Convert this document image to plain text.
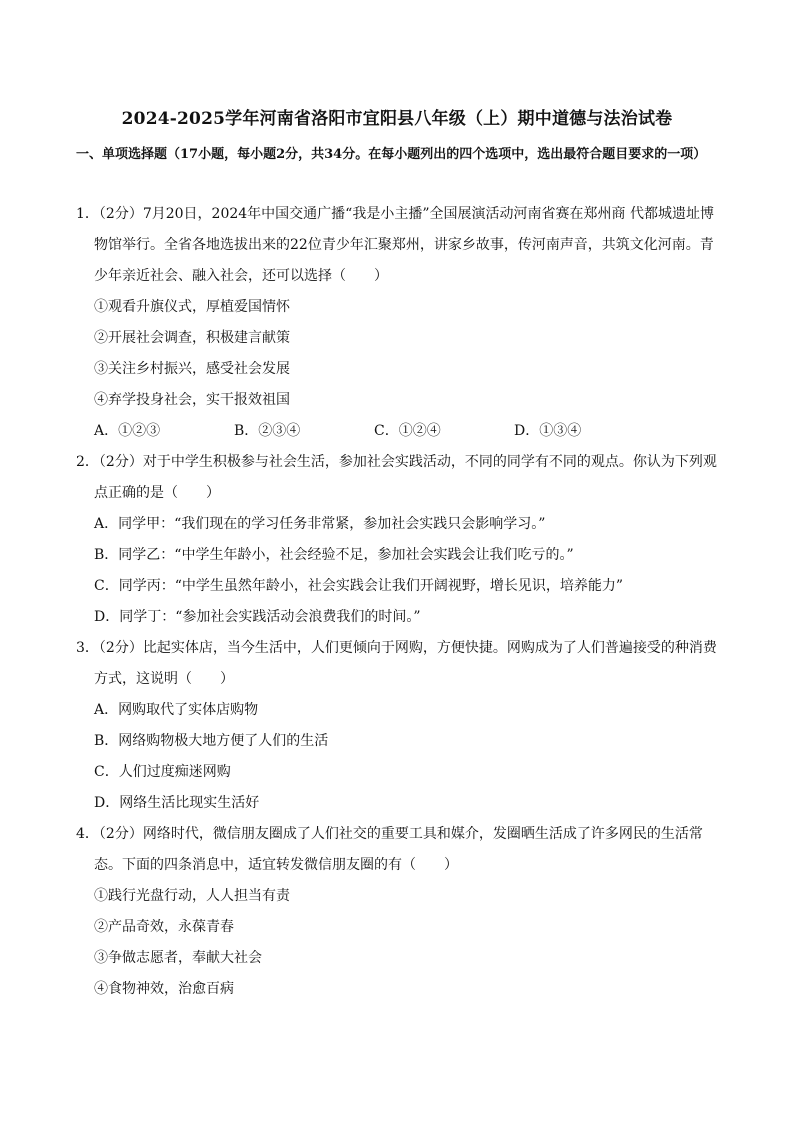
2024-2025学年河南省洛阳市宜阳县八年级（上）期中道德与法治试卷
一、单项选择题（17小题，每小题2分，共34分。在每小题列出的四个选项中，选出最符合题目要求的一项）
1．（2分）7月20日，2024年中国交通广播“我是小主播”全国展演活动河南省赛在郑州商 代都城遗址博物馆举行。全省各地选拔出来的22位青少年汇聚郑州，讲家乡故事，传河南声音，共筑文化河南。青少年亲近社会、融入社会，还可以选择（　　）
①观看升旗仪式，厚植爱国情怀
②开展社会调查，积极建言献策
③关注乡村振兴，感受社会发展
④弃学投身社会，实干报效祖国
A．①②③	B．②③④	C．①②④	D．①③④
2．（2分）对于中学生积极参与社会生活，参加社会实践活动，不同的同学有不同的观点。你认为下列观点正确的是（　　）
A．同学甲：“我们现在的学习任务非常紧，参加社会实践只会影响学习。”
B．同学乙：“中学生年龄小，社会经验不足，参加社会实践会让我们吃亏的。”
C．同学丙：“中学生虽然年龄小，社会实践会让我们开阔视野，增长见识，培养能力”
D．同学丁：“参加社会实践活动会浪费我们的时间。”
3．（2分）比起实体店，当今生活中，人们更倾向于网购，方便快捷。网购成为了人们普遍接受的种消费方式，这说明（　　）
A．网购取代了实体店购物
B．网络购物极大地方便了人们的生活
C．人们过度痴迷网购
D．网络生活比现实生活好
4．（2分）网络时代，微信朋友圈成了人们社交的重要工具和媒介，发圈晒生活成了许多网民的生活常态。下面的四条消息中，适宜转发微信朋友圈的有（　　）
①践行光盘行动，人人担当有责
②产品奇效，永葆青春
③争做志愿者，奉献大社会
④食物神效，治愈百病
